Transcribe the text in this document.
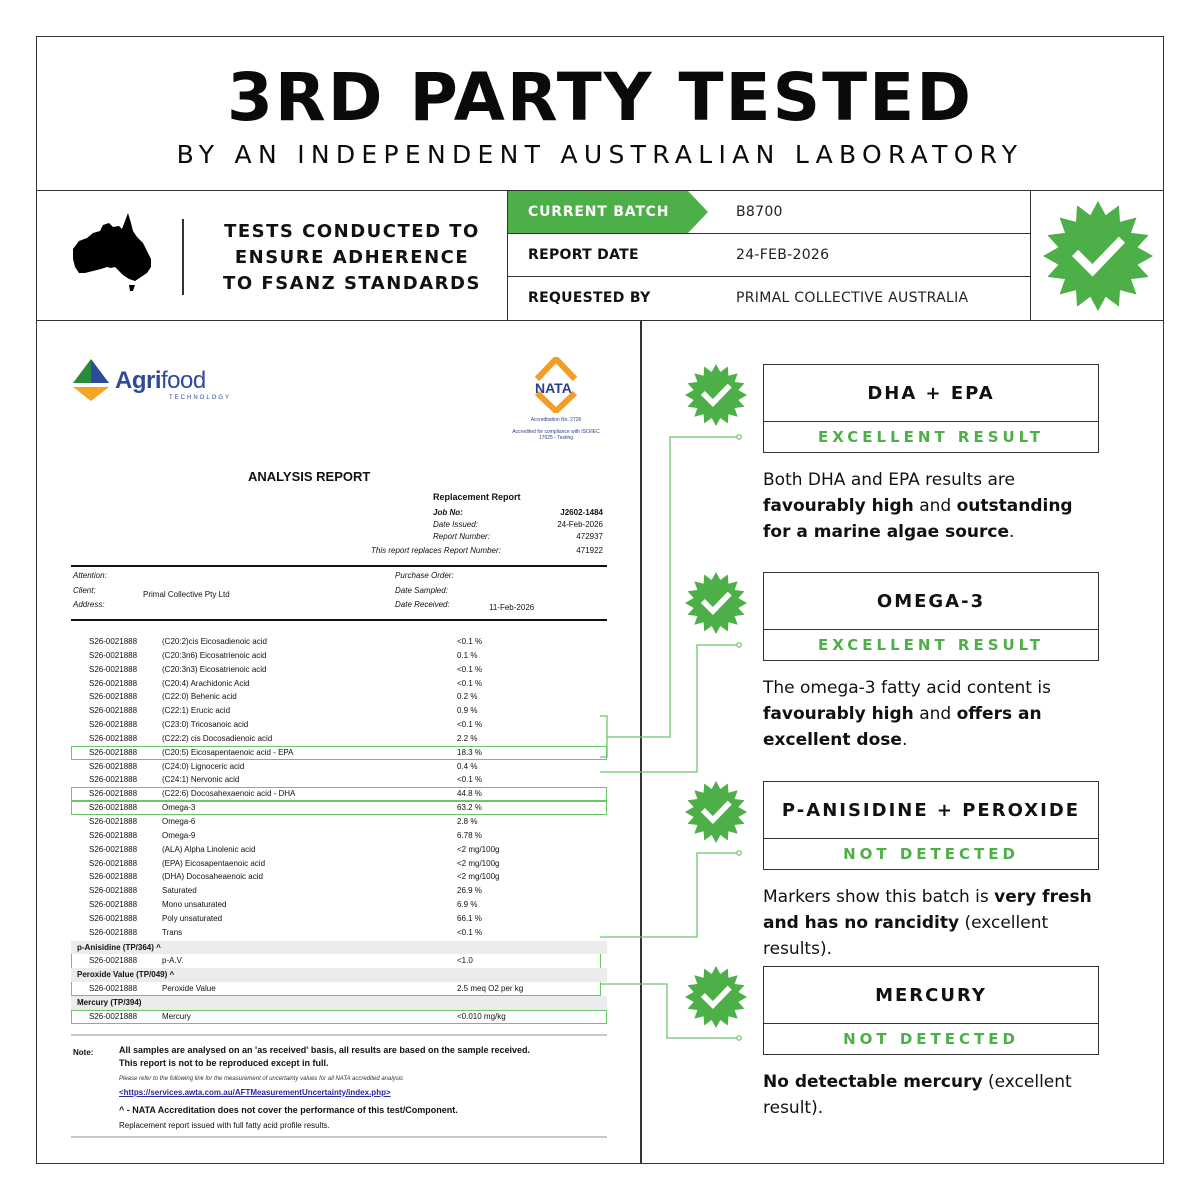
3RD PARTY TESTED
BY AN INDEPENDENT AUSTRALIAN LABORATORY
TESTS CONDUCTED TO
ENSURE ADHERENCE
TO FSANZ STANDARDS
CURRENT BATCH	B8700
REPORT DATE	24-FEB-2026
REQUESTED BY	PRIMAL COLLECTIVE AUSTRALIA
Agrifood
TECHNOLOGY
NATA
Accreditation No. 2726
Accredited for compliance with ISO/IEC 17025 - Testing
ANALYSIS REPORT
Replacement Report
Job No:	J2602-1484
Date Issued:	24-Feb-2026
Report Number:	472937
This report replaces Report Number:	471922
Attention:	Purchase Order:
Client:	Primal Collective Pty Ltd	Date Sampled:
Address:	Date Received:	11-Feb-2026
S26-0021888	(C20:2)cis Eicosadienoic acid	<0.1 %
S26-0021888	(C20:3n6) Eicosatrienoic acid	0.1 %
S26-0021888	(C20:3n3) Eicosatrienoic acid	<0.1 %
S26-0021888	(C20:4) Arachidonic Acid	<0.1 %
S26-0021888	(C22:0) Behenic acid	0.2 %
S26-0021888	(C22:1) Erucic acid	0.9 %
S26-0021888	(C23:0) Tricosanoic acid	<0.1 %
S26-0021888	(C22:2) cis Docosadienoic acid	2.2 %
S26-0021888	(C20:5) Eicosapentaenoic acid - EPA	18.3 %
S26-0021888	(C24:0) Lignoceric acid	0.4 %
S26-0021888	(C24:1) Nervonic acid	<0.1 %
S26-0021888	(C22:6) Docosahexaenoic acid - DHA	44.8 %
S26-0021888	Omega-3	63.2 %
S26-0021888	Omega-6	2.8 %
S26-0021888	Omega-9	6.78 %
S26-0021888	(ALA) Alpha Linolenic acid	<2 mg/100g
S26-0021888	(EPA) Eicosapentaenoic acid	<2 mg/100g
S26-0021888	(DHA) Docosaheaenoic acid	<2 mg/100g
S26-0021888	Saturated	26.9 %
S26-0021888	Mono unsaturated	6.9 %
S26-0021888	Poly unsaturated	66.1 %
S26-0021888	Trans	<0.1 %
p-Anisidine (TP/364) ^
S26-0021888	p-A.V.	<1.0
Peroxide Value (TP/049) ^
S26-0021888	Peroxide Value	2.5 meq O2 per kg
Mercury (TP/394)
S26-0021888	Mercury	<0.010 mg/kg
Note:	All samples are analysed on an 'as received' basis, all results are based on the sample received.
This report is not to be reproduced except in full.
Please refer to the following link for the measurement of uncertainty values for all NATA accredited analysis
<https://services.awta.com.au/AFTMeasurementUncertainty/index.php>
^ - NATA Accreditation does not cover the performance of this test/Component.
Replacement report issued with full fatty acid profile results.
DHA + EPA
EXCELLENT RESULT
Both DHA and EPA results are favourably high and outstanding for a marine algae source.
OMEGA-3
EXCELLENT RESULT
The omega-3 fatty acid content is favourably high and offers an excellent dose.
P-ANISIDINE + PEROXIDE
NOT DETECTED
Markers show this batch is very fresh and has no rancidity (excellent results).
MERCURY
NOT DETECTED
No detectable mercury (excellent result).
